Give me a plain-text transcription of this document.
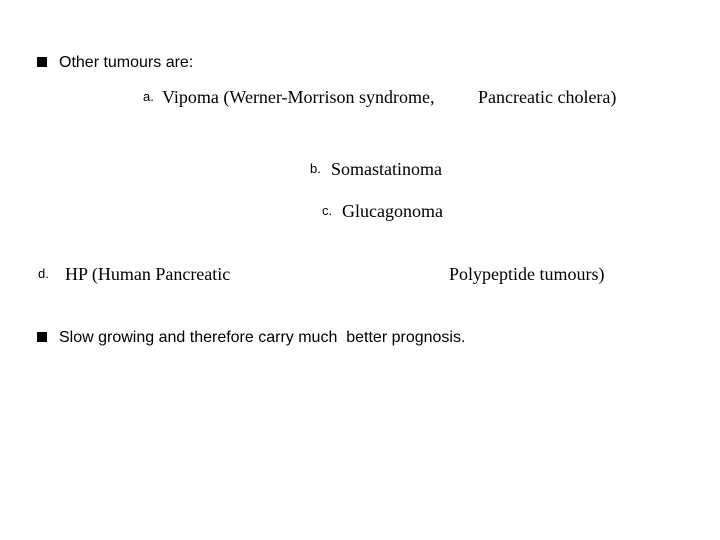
Other tumours are:
a. Vipoma (Werner-Morrison syndrome, Pancreatic cholera)
b. Somastatinoma
c. Glucagonoma
d. HP (Human Pancreatic	Polypeptide tumours)
Slow growing and therefore carry much  better prognosis.
